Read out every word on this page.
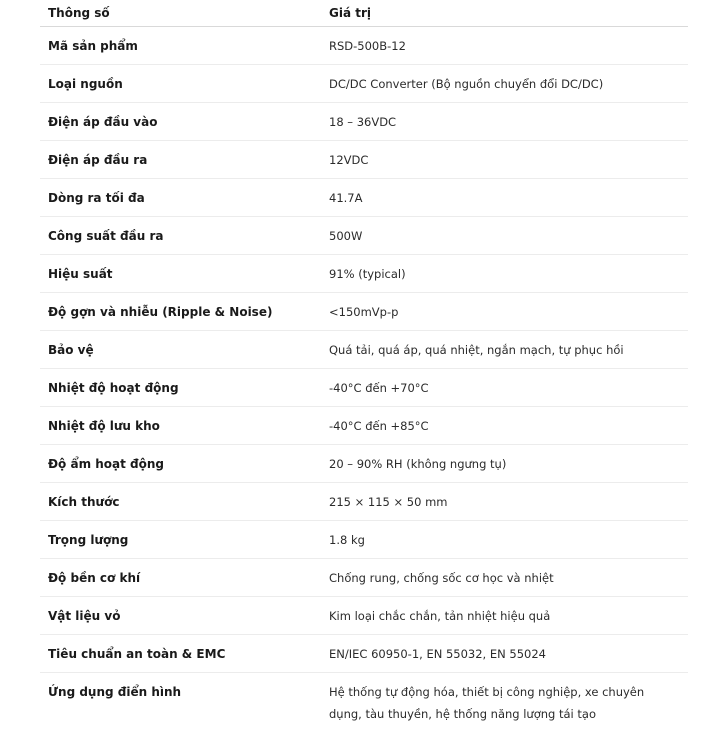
Thông số	Giá trị
Mã sản phẩm	RSD-500B-12
Loại nguồn	DC/DC Converter (Bộ nguồn chuyển đổi DC/DC)
Điện áp đầu vào	18 – 36VDC
Điện áp đầu ra	12VDC
Dòng ra tối đa	41.7A
Công suất đầu ra	500W
Hiệu suất	91% (typical)
Độ gợn và nhiễu (Ripple & Noise)	<150mVp-p
Bảo vệ	Quá tải, quá áp, quá nhiệt, ngắn mạch, tự phục hồi
Nhiệt độ hoạt động	-40°C đến +70°C
Nhiệt độ lưu kho	-40°C đến +85°C
Độ ẩm hoạt động	20 – 90% RH (không ngưng tụ)
Kích thước	215 × 115 × 50 mm
Trọng lượng	1.8 kg
Độ bền cơ khí	Chống rung, chống sốc cơ học và nhiệt
Vật liệu vỏ	Kim loại chắc chắn, tản nhiệt hiệu quả
Tiêu chuẩn an toàn & EMC	EN/IEC 60950-1, EN 55032, EN 55024
Ứng dụng điển hình	Hệ thống tự động hóa, thiết bị công nghiệp, xe chuyên dụng, tàu thuyền, hệ thống năng lượng tái tạo
